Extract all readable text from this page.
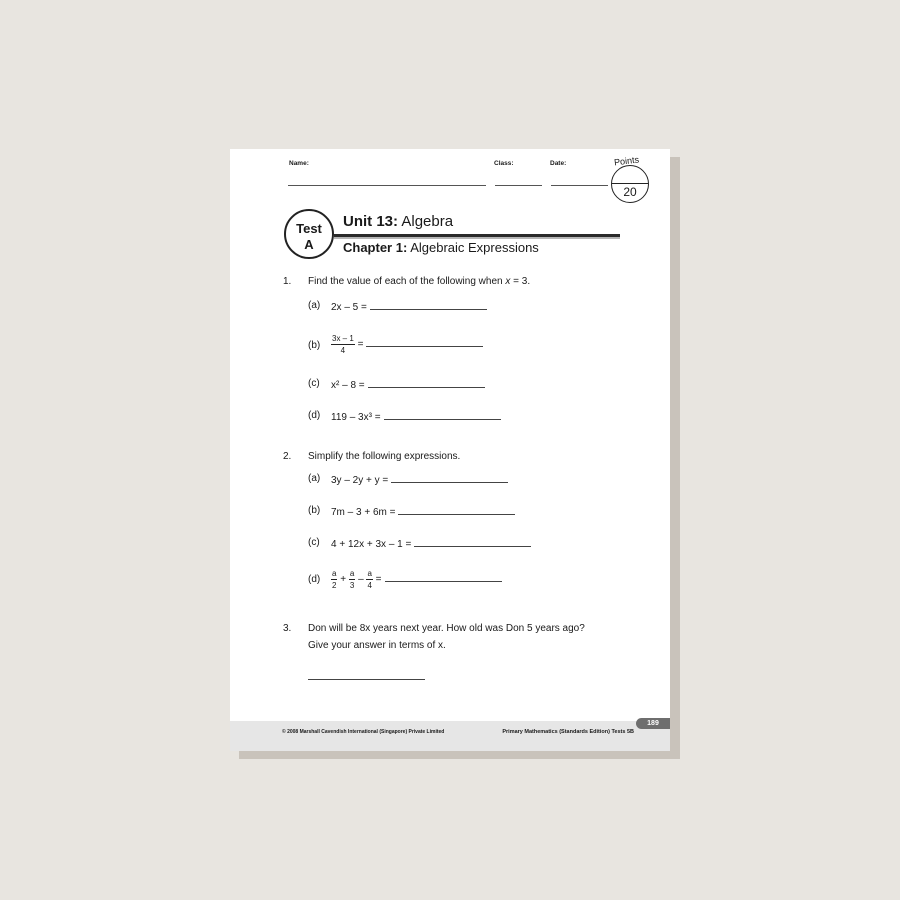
Name:	Class:	Date:	Points
20
Test
A
Unit 13: Algebra
Chapter 1: Algebraic Expressions
1. Find the value of each of the following when x = 3.
(a)	2x – 5 =
(b)	$\frac{3x - 1}{4}$ =
(c)	x² – 8 =
(d)	119 – 3x³ =
2. Simplify the following expressions.
(a)	3y – 2y + y =
(b)	7m – 3 + 6m =
(c)	4 + 12x + 3x – 1 =
(d)	$\frac{a}{2} + \frac{a}{3} - \frac{a}{4}$ =
3. Don will be 8x years next year. How old was Don 5 years ago?
Give your answer in terms of x.
© 2008 Marshall Cavendish International (Singapore) Private Limited	Primary Mathematics (Standards Edition) Tests 5B
189
